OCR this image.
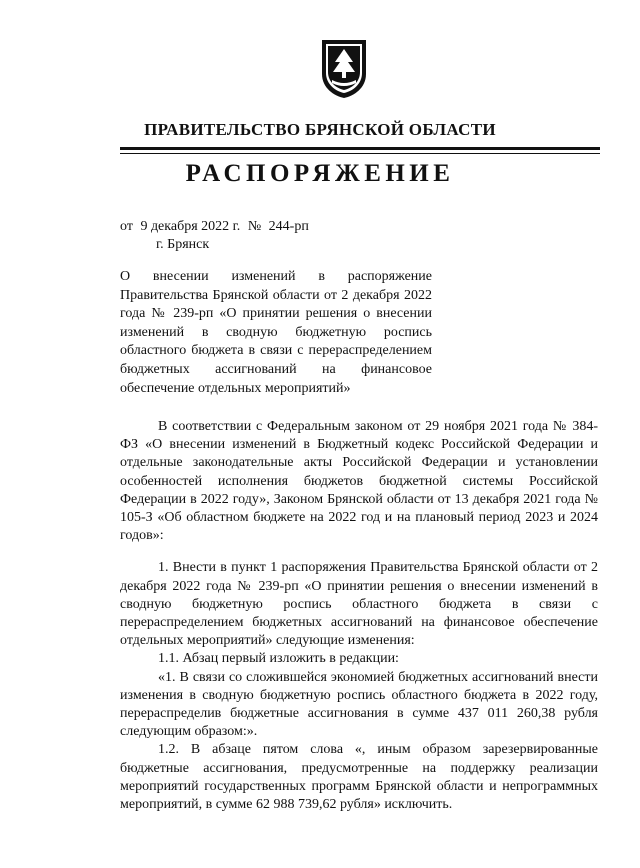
ПРАВИТЕЛЬСТВО БРЯНСКОЙ ОБЛАСТИ
РАСПОРЯЖЕНИЕ
от 9 декабря 2022 г. № 244-рп
г. Брянск

О внесении изменений в распоряжение Правительства Брянской области от 2 декабря 2022 года № 239-рп «О принятии решения о внесении изменений в сводную бюджетную роспись областного бюджета в связи с перераспределением бюджетных ассигнований на финансовое обеспечение отдельных мероприятий»

В соответствии с Федеральным законом от 29 ноября 2021 года № 384-ФЗ «О внесении изменений в Бюджетный кодекс Российской Федерации и отдельные законодательные акты Российской Федерации и установлении особенностей исполнения бюджетов бюджетной системы Российской Федерации в 2022 году», Законом Брянской области от 13 декабря 2021 года № 105-З «Об областном бюджете на 2022 год и на плановый период 2023 и 2024 годов»:

1. Внести в пункт 1 распоряжения Правительства Брянской области от 2 декабря 2022 года № 239-рп «О принятии решения о внесении изменений в сводную бюджетную роспись областного бюджета в связи с перераспределением бюджетных ассигнований на финансовое обеспечение отдельных мероприятий» следующие изменения:

1.1. Абзац первый изложить в редакции:

«1. В связи со сложившейся экономией бюджетных ассигнований внести изменения в сводную бюджетную роспись областного бюджета в 2022 году, перераспределив бюджетные ассигнования в сумме 437 011 260,38 рубля следующим образом:».

1.2. В абзаце пятом слова «, иным образом зарезервированные бюджетные ассигнования, предусмотренные на поддержку реализации мероприятий государственных программ Брянской области и непрограммных мероприятий, в сумме 62 988 739,62 рубля» исключить.
